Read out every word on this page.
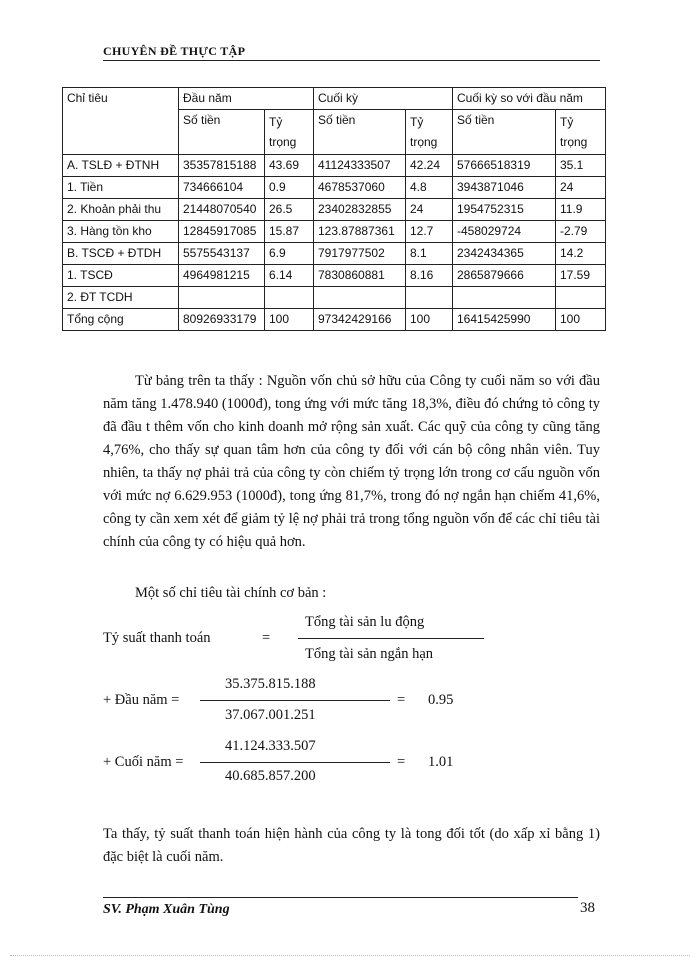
CHUYÊN ĐỀ THỰC TẬP
Chỉ tiêu	Đầu năm		Cuối kỳ		Cuối kỳ so với đầu năm	
	Số tiền	Tỷ trọng	Số tiền	Tỷ trọng	Số tiền	Tỷ trọng
A. TSLĐ + ĐTNH	35357815188	43.69	41124333507	42.24	57666518319	35.1
1. Tiền	734666104	0.9	4678537060	4.8	3943871046	24
2. Khoản phải thu	21448070540	26.5	23402832855	24	1954752315	11.9
3. Hàng tồn kho	12845917085	15.87	123.87887361	12.7	-458029724	-2.79
B. TSCĐ + ĐTDH	5575543137	6.9	7917977502	8.1	2342434365	14.2
1. TSCĐ	4964981215	6.14	7830860881	8.16	2865879666	17.59
2. ĐT TCDH						
Tổng cộng	80926933179	100	97342429166	100	16415425990	100
Từ bảng trên ta thấy : Nguồn vốn chủ sở hữu của Công ty cuối năm so với đầu năm tăng 1.478.940 (1000đ), tong ứng với mức tăng 18,3%, điều đó chứng tỏ công ty đã đầu t thêm vốn cho kinh doanh mở rộng sản xuất. Các quỹ của công ty cũng tăng 4,76%, cho thấy sự quan tâm hơn của công ty đối với cán bộ công nhân viên. Tuy nhiên, ta thấy nợ phải trả của công ty còn chiếm tỷ trọng lớn trong cơ cấu nguồn vốn với mức nợ 6.629.953 (1000đ), tong ứng 81,7%, trong đó nợ ngắn hạn chiếm 41,6%, công ty cần xem xét để giảm tỷ lệ nợ phải trả trong tổng nguồn vốn để các chỉ tiêu tài chính của công ty có hiệu quả hơn.
Một số chỉ tiêu tài chính cơ bản :
Tỷ suất thanh toán	=
Tổng tài sản lu động
Tổng tài sản ngắn hạn
+ Đầu năm =
35.375.815.188
37.067.001.251
= 0.95
+ Cuối năm =
41.124.333.507
40.685.857.200
= 1.01
Ta thấy, tỷ suất thanh toán hiện hành của công ty là tong đối tốt (do xấp xỉ bằng 1) đặc biệt là cuối năm.
SV. Phạm Xuân Tùng	38
